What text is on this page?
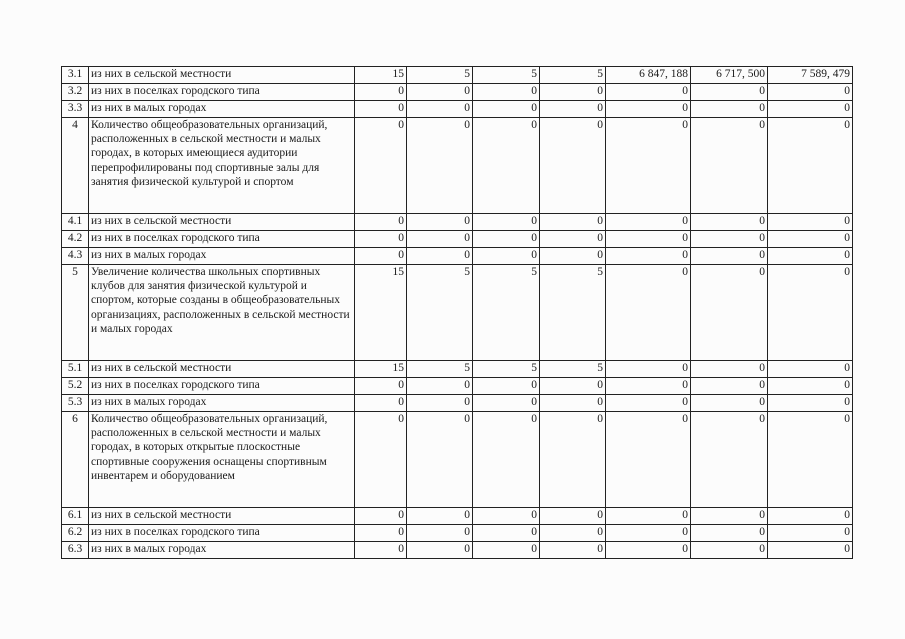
3.1	из них в сельской местности	15	5	5	5	6 847, 188	6 717, 500	7 589, 479
3.2	из них в поселках городского типа	0	0	0	0	0	0	0
3.3	из них в малых городах	0	0	0	0	0	0	0
4	Количество общеобразовательных организаций, расположенных в сельской местности и малых городах, в которых имеющиеся аудитории перепрофилированы под спортивные залы для занятия физической культурой и спортом	0	0	0	0	0	0	0
4.1	из них в сельской местности	0	0	0	0	0	0	0
4.2	из них в поселках городского типа	0	0	0	0	0	0	0
4.3	из них в малых городах	0	0	0	0	0	0	0
5	Увеличение количества школьных спортивных клубов для занятия физической культурой и спортом, которые созданы в общеобразовательных организациях, расположенных в сельской местности и малых городах	15	5	5	5	0	0	0
5.1	из них в сельской местности	15	5	5	5	0	0	0
5.2	из них в поселках городского типа	0	0	0	0	0	0	0
5.3	из них в малых городах	0	0	0	0	0	0	0
6	Количество общеобразовательных организаций, расположенных в сельской местности и малых городах, в которых открытые плоскостные спортивные сооружения оснащены спортивным инвентарем и оборудованием	0	0	0	0	0	0	0
6.1	из них в сельской местности	0	0	0	0	0	0	0
6.2	из них в поселках городского типа	0	0	0	0	0	0	0
6.3	из них в малых городах	0	0	0	0	0	0	0
